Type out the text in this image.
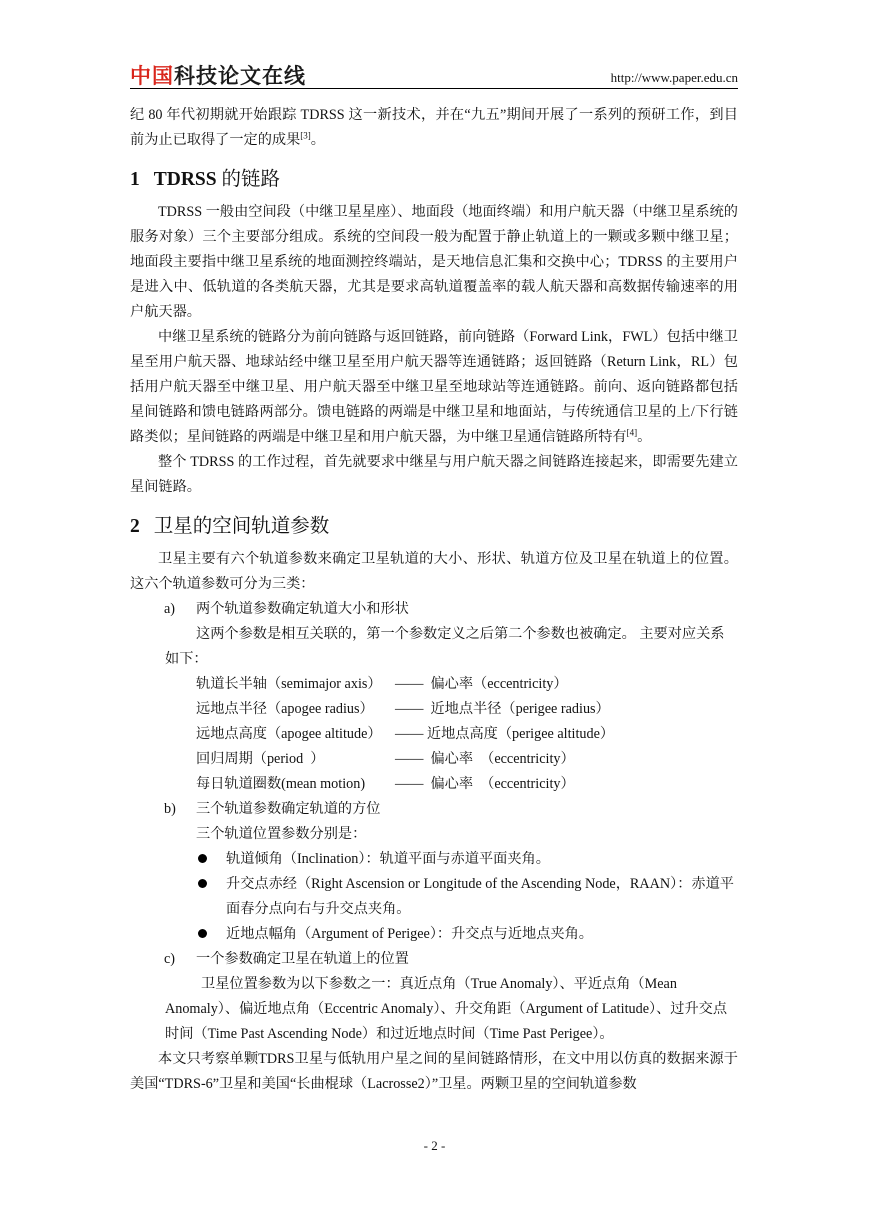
中国科技论文在线	http://www.paper.edu.cn

纪 80 年代初期就开始跟踪 TDRSS 这一新技术，并在“九五”期间开展了一系列的预研工作，到目前为止已取得了一定的成果[3]。

1 TDRSS 的链路

TDRSS 一般由空间段（中继卫星星座）、地面段（地面终端）和用户航天器（中继卫星系统的服务对象）三个主要部分组成。系统的空间段一般为配置于静止轨道上的一颗或多颗中继卫星；地面段主要指中继卫星系统的地面测控终端站，是天地信息汇集和交换中心；TDRSS 的主要用户是进入中、低轨道的各类航天器，尤其是要求高轨道覆盖率的载人航天器和高数据传输速率的用户航天器。

中继卫星系统的链路分为前向链路与返回链路，前向链路（Forward Link，FWL）包括中继卫星至用户航天器、地球站经中继卫星至用户航天器等连通链路；返回链路（Return Link，RL）包括用户航天器至中继卫星、用户航天器至中继卫星至地球站等连通链路。前向、返向链路都包括星间链路和馈电链路两部分。馈电链路的两端是中继卫星和地面站，与传统通信卫星的上/下行链路类似；星间链路的两端是中继卫星和用户航天器，为中继卫星通信链路所特有[4]。

整个 TDRSS 的工作过程，首先就要求中继星与用户航天器之间链路连接起来，即需要先建立星间链路。

2 卫星的空间轨道参数

卫星主要有六个轨道参数来确定卫星轨道的大小、形状、轨道方位及卫星在轨道上的位置。这六个轨道参数可分为三类：

a)	两个轨道参数确定轨道大小和形状
这两个参数是相互关联的，第一个参数定义之后第二个参数也被确定。 主要对应关系如下：
轨道长半轴（semimajor axis） ——  偏心率（eccentricity）
远地点半径（apogee radius）	——  近地点半径（perigee radius）
远地点高度（apogee altitude） —— 近地点高度（perigee altitude）
回归周期（period  ）	——  偏心率  （eccentricity）
每日轨道圈数(mean motion)	——  偏心率  （eccentricity）
b)	三个轨道参数确定轨道的方位
三个轨道位置参数分别是：
轨道倾角（Inclination）：轨道平面与赤道平面夹角。
升交点赤经（Right Ascension or Longitude of the Ascending Node，RAAN）：赤道平面春分点向右与升交点夹角。
近地点幅角（Argument of Perigee）：升交点与近地点夹角。
c)	一个参数确定卫星在轨道上的位置
卫星位置参数为以下参数之一：真近点角（True Anomaly）、平近点角（Mean Anomaly）、偏近地点角（Eccentric Anomaly）、升交角距（Argument of Latitude）、过升交点时间（Time Past Ascending Node）和过近地点时间（Time Past Perigee）。

本文只考察单颗TDRS卫星与低轨用户星之间的星间链路情形，在文中用以仿真的数据来源于美国“TDRS-6”卫星和美国“长曲棍球（Lacrosse2）”卫星。两颗卫星的空间轨道参数

- 2 -
